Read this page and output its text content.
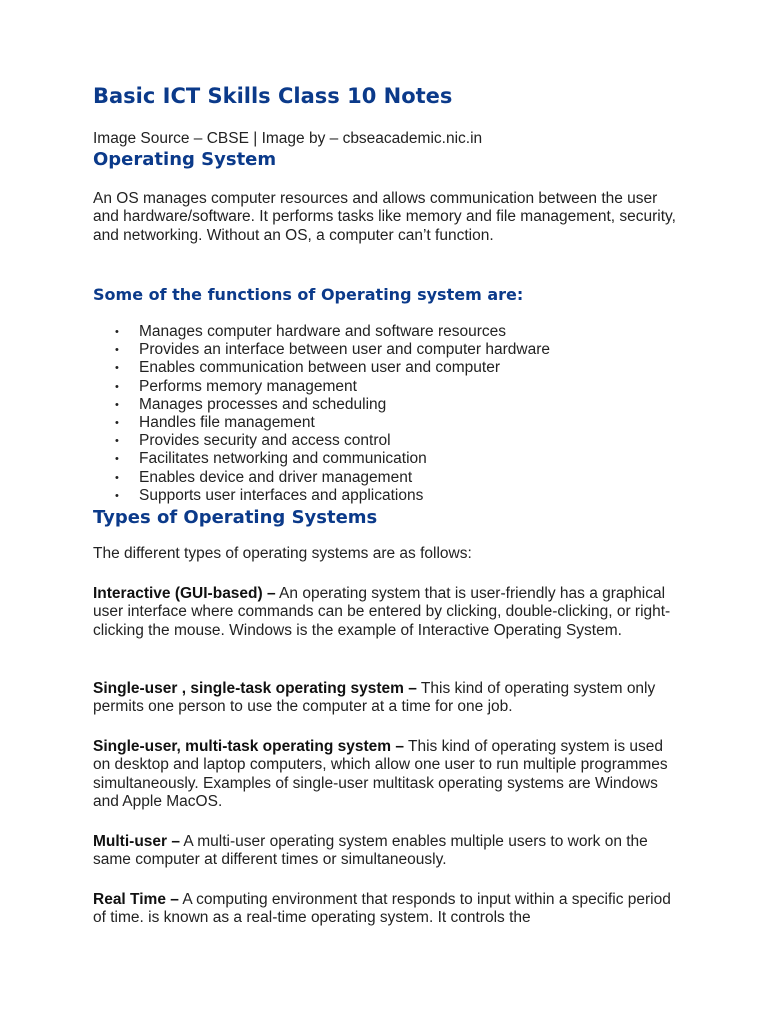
Basic ICT Skills Class 10 Notes

Image Source – CBSE | Image by – cbseacademic.nic.in

Operating System

An OS manages computer resources and allows communication between the user and hardware/software. It performs tasks like memory and file management, security, and networking. Without an OS, a computer can’t function.

Some of the functions of Operating system are:
• Manages computer hardware and software resources
• Provides an interface between user and computer hardware
• Enables communication between user and computer
• Performs memory management
• Manages processes and scheduling
• Handles file management
• Provides security and access control
• Facilitates networking and communication
• Enables device and driver management
• Supports user interfaces and applications
Types of Operating Systems

The different types of operating systems are as follows:

Interactive (GUI-based) – An operating system that is user-friendly has a graphical user interface where commands can be entered by clicking, double-clicking, or right-clicking the mouse. Windows is the example of Interactive Operating System.

Single-user , single-task operating system – This kind of operating system only permits one person to use the computer at a time for one job.

Single-user, multi-task operating system – This kind of operating system is used on desktop and laptop computers, which allow one user to run multiple programmes simultaneously. Examples of single-user multitask operating systems are Windows and Apple MacOS.

Multi-user – A multi-user operating system enables multiple users to work on the same computer at different times or simultaneously.

Real Time – A computing environment that responds to input within a specific period of time. is known as a real-time operating system. It controls the
